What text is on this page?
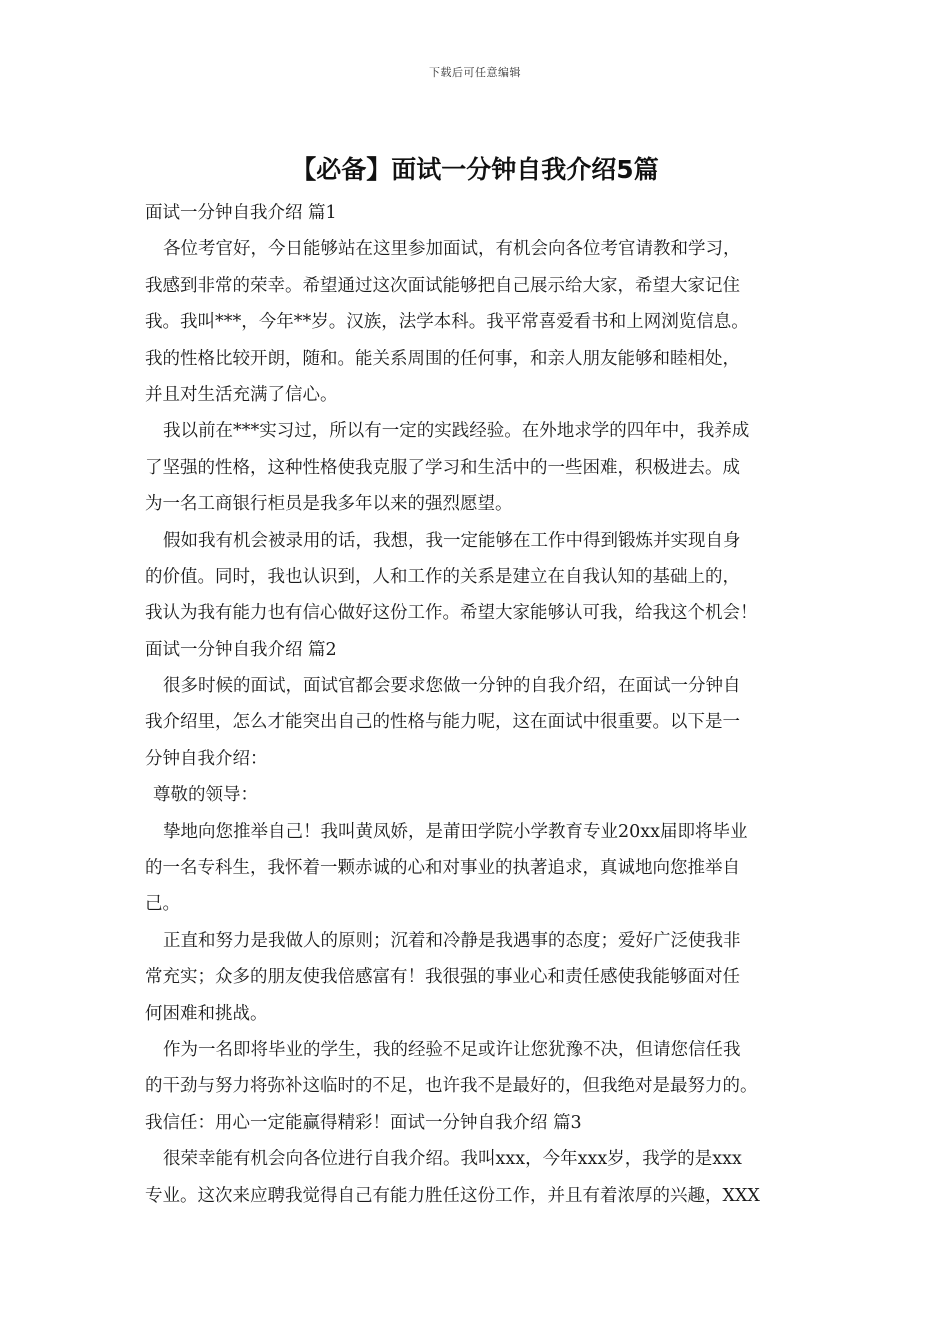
下载后可任意编辑
【必备】面试一分钟自我介绍5篇
面试一分钟自我介绍 篇1
各位考官好，今日能够站在这里参加面试，有机会向各位考官请教和学习，
我感到非常的荣幸。希望通过这次面试能够把自己展示给大家，希望大家记住
我。我叫***，今年**岁。汉族，法学本科。我平常喜爱看书和上网浏览信息。
我的性格比较开朗，随和。能关系周围的任何事，和亲人朋友能够和睦相处，
并且对生活充满了信心。
我以前在***实习过，所以有一定的实践经验。在外地求学的四年中，我养成
了坚强的性格，这种性格使我克服了学习和生活中的一些困难，积极进去。成
为一名工商银行柜员是我多年以来的强烈愿望。
假如我有机会被录用的话，我想，我一定能够在工作中得到锻炼并实现自身
的价值。同时，我也认识到，人和工作的关系是建立在自我认知的基础上的，
我认为我有能力也有信心做好这份工作。希望大家能够认可我，给我这个机会！
面试一分钟自我介绍 篇2
很多时候的面试，面试官都会要求您做一分钟的自我介绍，在面试一分钟自
我介绍里，怎么才能突出自己的性格与能力呢，这在面试中很重要。以下是一
分钟自我介绍：
尊敬的领导：
挚地向您推举自己！我叫黄凤娇，是莆田学院小学教育专业20xx届即将毕业
的一名专科生，我怀着一颗赤诚的心和对事业的执著追求，真诚地向您推举自
己。
正直和努力是我做人的原则；沉着和冷静是我遇事的态度；爱好广泛使我非
常充实；众多的朋友使我倍感富有！我很强的事业心和责任感使我能够面对任
何困难和挑战。
作为一名即将毕业的学生，我的经验不足或许让您犹豫不决，但请您信任我
的干劲与努力将弥补这临时的不足，也许我不是最好的，但我绝对是最努力的。
我信任：用心一定能赢得精彩！面试一分钟自我介绍 篇3
很荣幸能有机会向各位进行自我介绍。我叫xxx，今年xxx岁，我学的是xxx
专业。这次来应聘我觉得自己有能力胜任这份工作，并且有着浓厚的兴趣，XXX
